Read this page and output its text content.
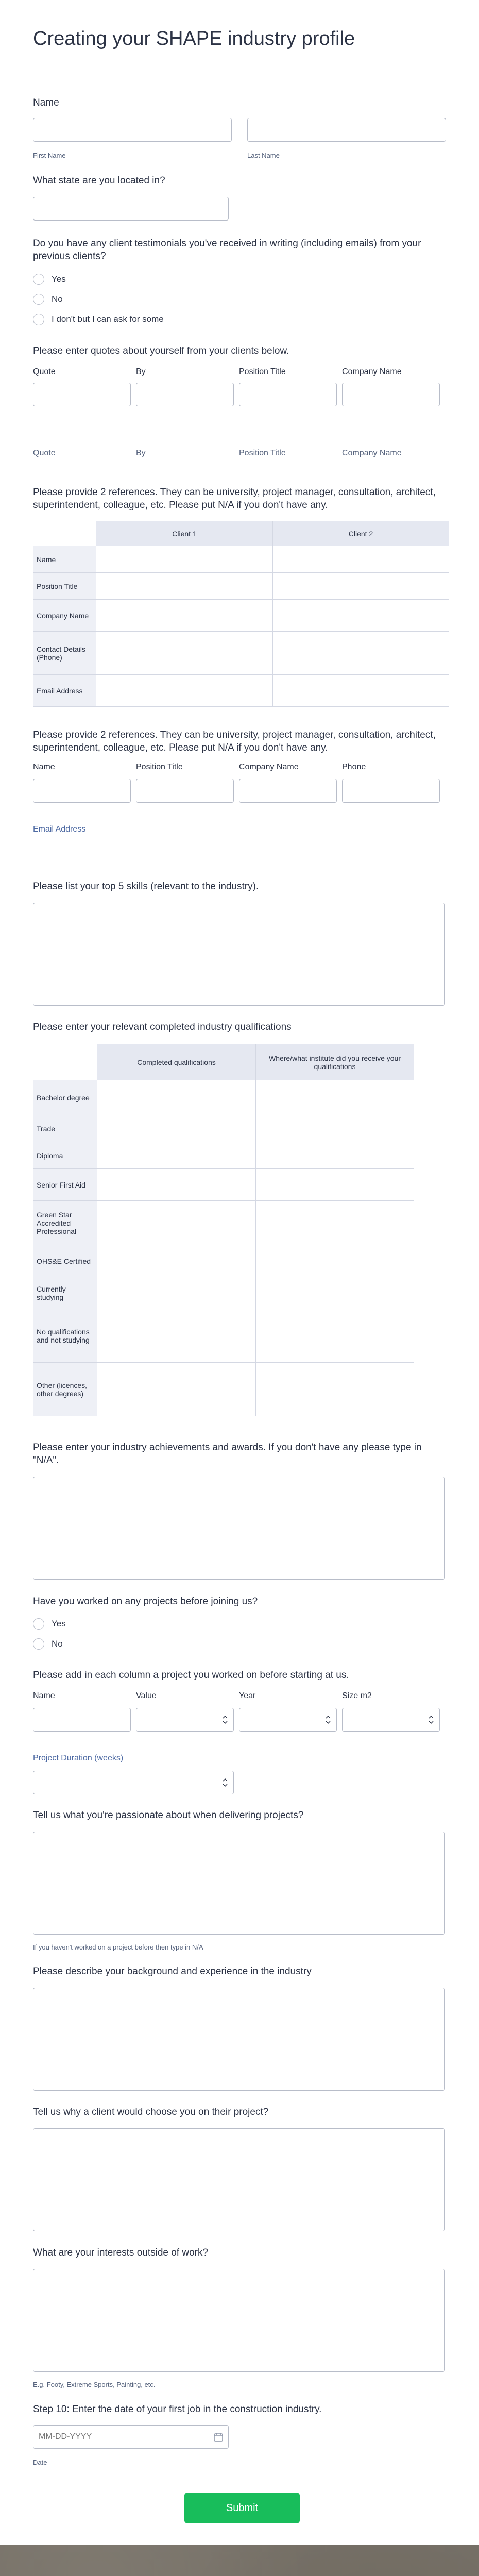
Creating your SHAPE industry profile
Name
First Name	Last Name
What state are you located in?
Do you have any client testimonials you've received in writing (including emails) from your previous clients?
Yes
No
I don't but I can ask for some
Please enter quotes about yourself from your clients below.
Quote	By	Position Title	Company Name
Quote	By	Position Title	Company Name
Please provide 2 references. They can be university, project manager, consultation, architect, superintendent, colleague, etc. Please put N/A if you don't have any.
	Client 1	Client 2
Name		
Position Title		
Company Name		
Contact Details (Phone)		
Email Address		
Please provide 2 references. They can be university, project manager, consultation, architect, superintendent, colleague, etc. Please put N/A if you don't have any.
Name	Position Title	Company Name	Phone
Email Address
Please list your top 5 skills (relevant to the industry).
Please enter your relevant completed industry qualifications
	Completed qualifications	Where/what institute did you receive your qualifications
Bachelor degree		
Trade		
Diploma		
Senior First Aid		
Green Star Accredited Professional		
OHS&E Certified		
Currently studying		
No qualifications and not studying		
Other (licences, other degrees)		
Please enter your industry achievements and awards. If you don't have any please type in "N/A".
Have you worked on any projects before joining us?
Yes
No
Please add in each column a project you worked on before starting at us.
Name	Value	Year	Size m2
Project Duration (weeks)
Tell us what you're passionate about when delivering projects?
If you haven't worked on a project before then type in N/A
Please describe your background and experience in the industry
Tell us why a client would choose you on their project?
What are your interests outside of work?
E.g. Footy, Extreme Sports, Painting, etc.
Step 10: Enter the date of your first job in the construction industry.
MM-DD-YYYY
Date
Submit
